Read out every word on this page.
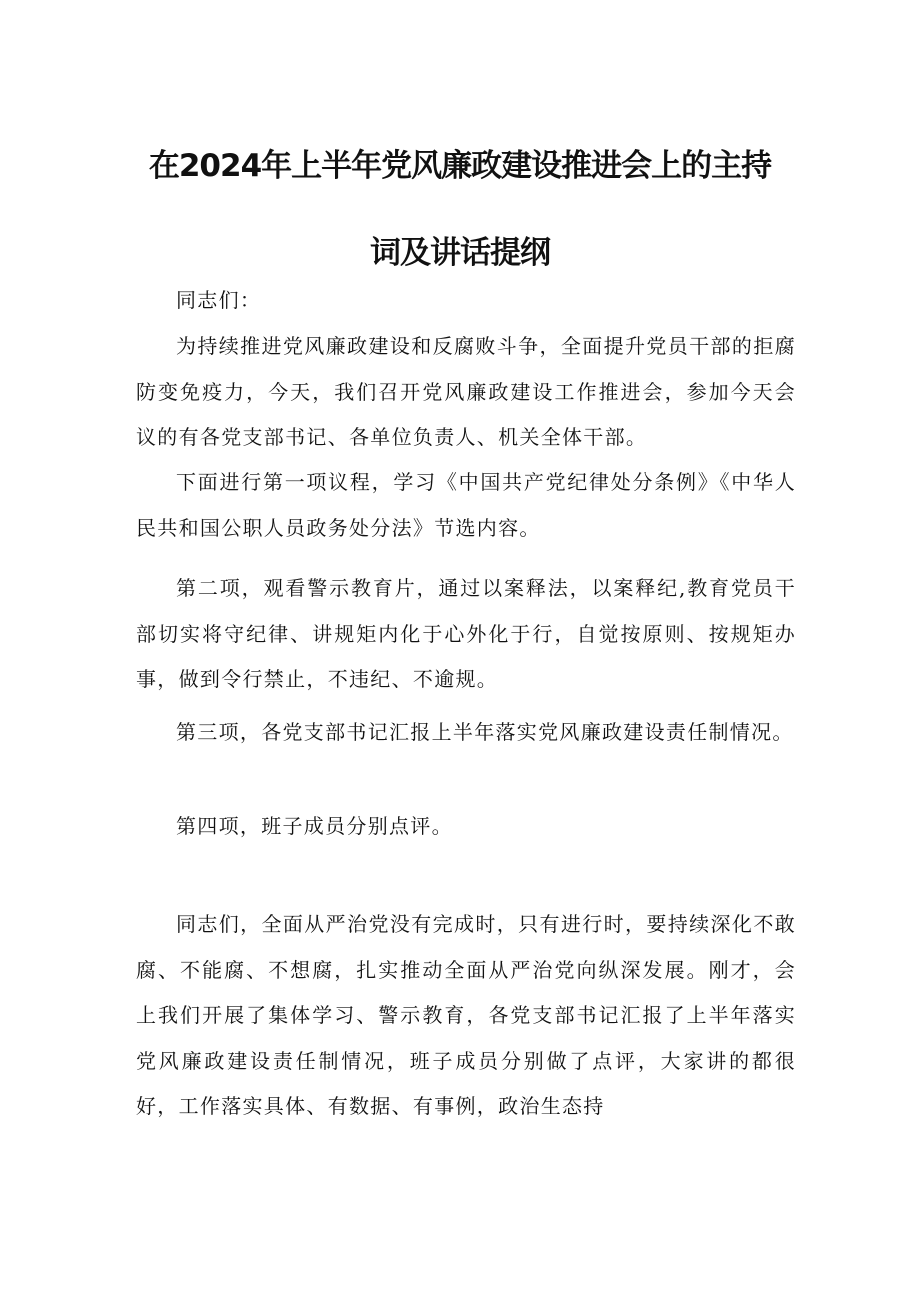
在2024年上半年党风廉政建设推进会上的主持
词及讲话提纲

同志们：

为持续推进党风廉政建设和反腐败斗争，全面提升党员干部的拒腐防变免疫力，今天，我们召开党风廉政建设工作推进会，参加今天会议的有各党支部书记、各单位负责人、机关全体干部。

下面进行第一项议程，学习《中国共产党纪律处分条例》《中华人民共和国公职人员政务处分法》节选内容。

第二项，观看警示教育片，通过以案释法，以案释纪,教育党员干部切实将守纪律、讲规矩内化于心外化于行，自觉按原则、按规矩办事，做到令行禁止，不违纪、不逾规。

第三项，各党支部书记汇报上半年落实党风廉政建设责任制情况。

第四项，班子成员分别点评。

同志们，全面从严治党没有完成时，只有进行时，要持续深化不敢腐、不能腐、不想腐，扎实推动全面从严治党向纵深发展。刚才，会上我们开展了集体学习、警示教育，各党支部书记汇报了上半年落实党风廉政建设责任制情况，班子成员分别做了点评，大家讲的都很好，工作落实具体、有数据、有事例，政治生态持
